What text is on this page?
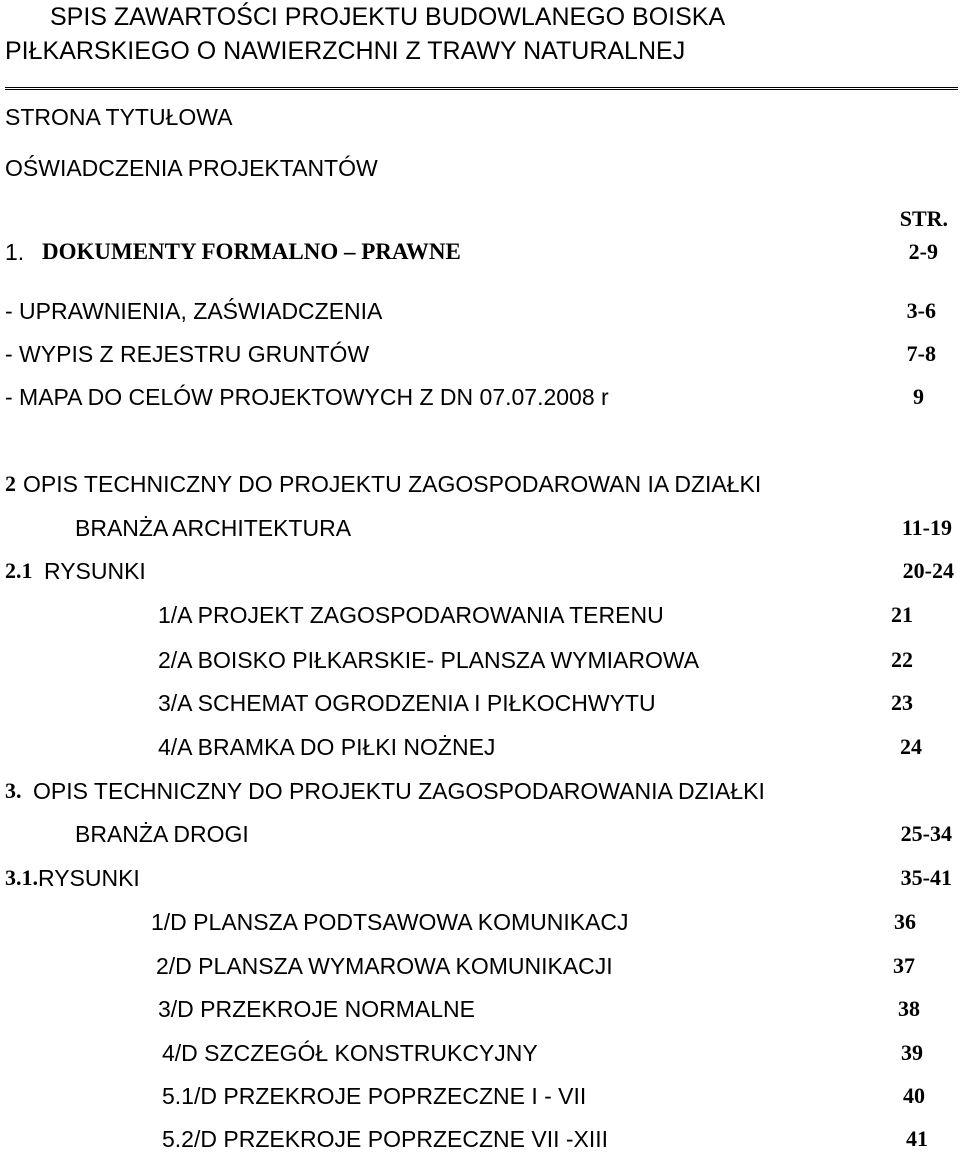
SPIS ZAWARTOŚCI PROJEKTU BUDOWLANEGO BOISKA
PIŁKARSKIEGO O NAWIERZCHNI Z TRAWY NATURALNEJ
STRONA TYTUŁOWA
OŚWIADCZENIA PROJEKTANTÓW
STR.
1. DOKUMENTY FORMALNO – PRAWNE	2-9
- UPRAWNIENIA, ZAŚWIADCZENIA	3-6
- WYPIS Z REJESTRU GRUNTÓW	7-8
- MAPA DO CELÓW PROJEKTOWYCH Z DN 07.07.2008 r	9
2 OPIS TECHNICZNY DO PROJEKTU ZAGOSPODAROWAN IA DZIAŁKI
BRANŻA ARCHITEKTURA	11-19
2.1 RYSUNKI	20-24
1/A PROJEKT ZAGOSPODAROWANIA TERENU	21
2/A BOISKO PIŁKARSKIE- PLANSZA WYMIAROWA	22
3/A SCHEMAT OGRODZENIA I PIŁKOCHWYTU	23
4/A BRAMKA DO PIŁKI NOŻNEJ	24
3. OPIS TECHNICZNY DO PROJEKTU ZAGOSPODAROWANIA DZIAŁKI
BRANŻA DROGI	25-34
3.1. RYSUNKI	35-41
1/D PLANSZA PODTSAWOWA KOMUNIKACJ	36
2/D PLANSZA WYMAROWA KOMUNIKACJI	37
3/D PRZEKROJE NORMALNE	38
4/D SZCZEGÓŁ KONSTRUKCYJNY	39
5.1/D PRZEKROJE POPRZECZNE I - VII	40
5.2/D PRZEKROJE POPRZECZNE VII -XIII	41
